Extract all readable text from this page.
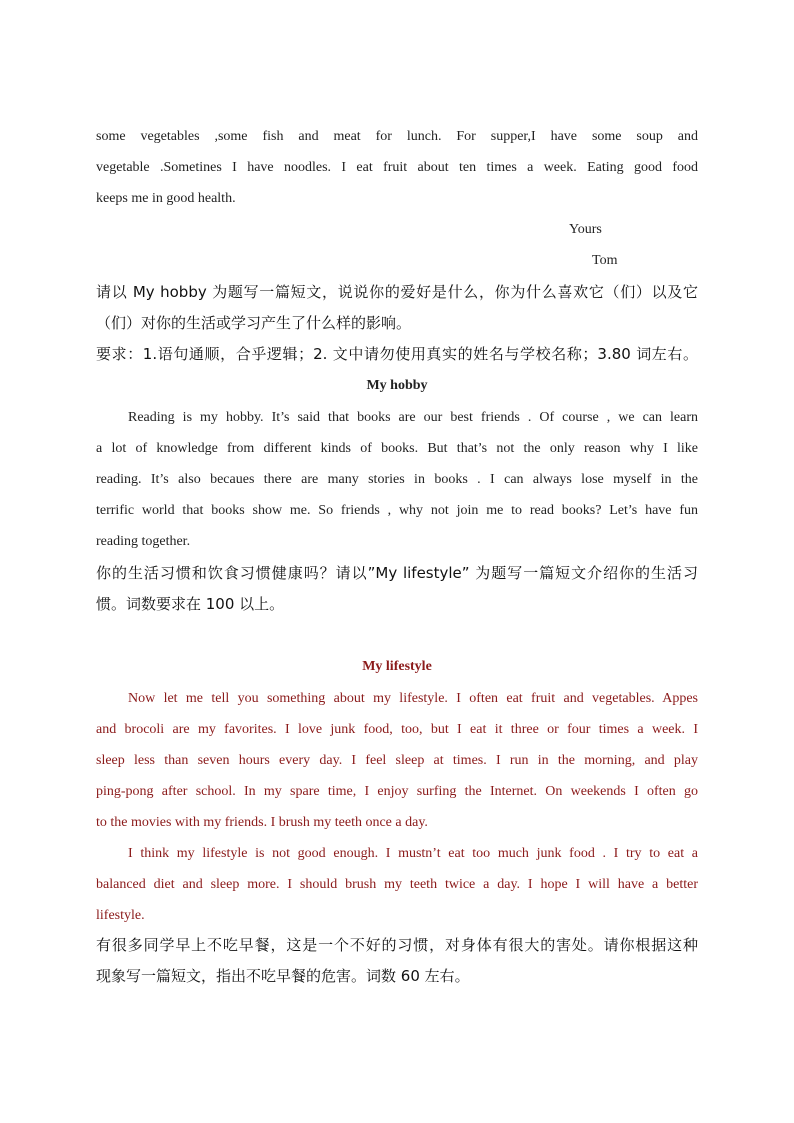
some vegetables ,some fish and meat for lunch. For supper,I have some soup and
vegetable .Sometines I have noodles. I eat fruit about ten times a week. Eating good food
keeps me in good health.
Yours
Tom
请以 My hobby 为题写一篇短文，说说你的爱好是什么，你为什么喜欢它（们）以及它
（们）对你的生活或学习产生了什么样的影响。
要求：1.语句通顺，合乎逻辑；2. 文中请勿使用真实的姓名与学校名称；3.80 词左右。
My hobby
Reading is my hobby. It’s said that books are our best friends . Of course , we can learn
a lot of knowledge from different kinds of books. But that’s not the only reason why I like
reading. It’s also becaues there are many stories in books . I can always lose myself in the
terrific world that books show me. So friends , why not join me to read books? Let’s have fun
reading together.
你的生活习惯和饮食习惯健康吗？请以”My lifestyle” 为题写一篇短文介绍你的生活习
惯。词数要求在 100 以上。
My lifestyle
Now let me tell you something about my lifestyle. I often eat fruit and vegetables. Appes
and brocoli are my favorites. I love junk food, too, but I eat it three or four times a week. I
sleep less than seven hours every day. I feel sleep at times. I run in the morning, and play
ping-pong after school. In my spare time, I enjoy surfing the Internet. On weekends I often go
to the movies with my friends. I brush my teeth once a day.
I think my lifestyle is not good enough. I mustn’t eat too much junk food . I try to eat a
balanced diet and sleep more. I should brush my teeth twice a day. I hope I will have a better
lifestyle.
有很多同学早上不吃早餐，这是一个不好的习惯，对身体有很大的害处。请你根据这种
现象写一篇短文，指出不吃早餐的危害。词数 60 左右。
